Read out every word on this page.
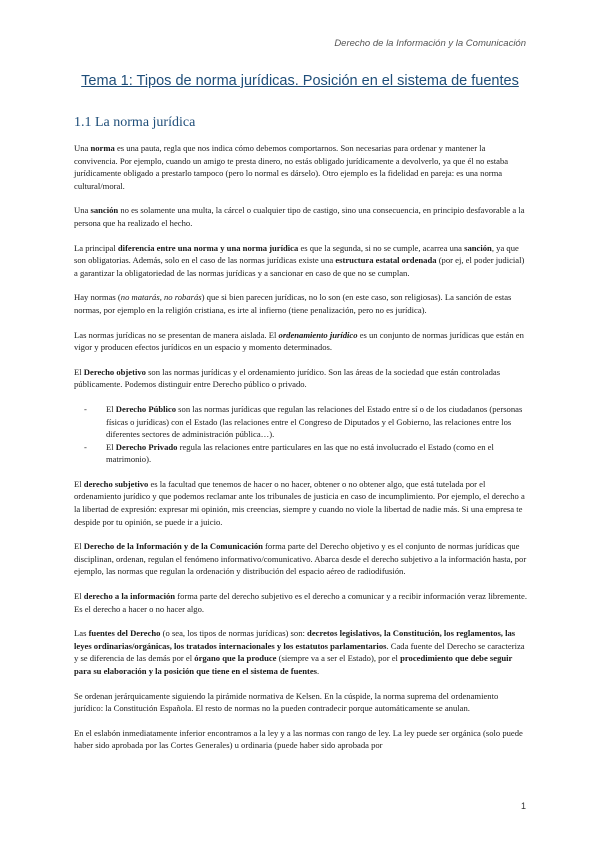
Derecho de la Información y la Comunicación
Tema 1: Tipos de norma jurídicas. Posición en el sistema de fuentes
1.1 La norma jurídica

Una norma es una pauta, regla que nos indica cómo debemos comportarnos. Son necesarias para ordenar y mantener la convivencia. Por ejemplo, cuando un amigo te presta dinero, no estás obligado jurídicamente a devolverlo, ya que él no estaba jurídicamente obligado a prestarlo tampoco (pero lo normal es dárselo). Otro ejemplo es la fidelidad en pareja: es una norma cultural/moral.

Una sanción no es solamente una multa, la cárcel o cualquier tipo de castigo, sino una consecuencia, en principio desfavorable a la persona que ha realizado el hecho.

La principal diferencia entre una norma y una norma jurídica es que la segunda, si no se cumple, acarrea una sanción, ya que son obligatorias. Además, solo en el caso de las normas jurídicas existe una estructura estatal ordenada (por ej, el poder judicial) a garantizar la obligatoriedad de las normas jurídicas y a sancionar en caso de que no se cumplan.

Hay normas (no matarás, no robarás) que si bien parecen jurídicas, no lo son (en este caso, son religiosas). La sanción de estas normas, por ejemplo en la religión cristiana, es irte al infierno (tiene penalización, pero no es jurídica).

Las normas jurídicas no se presentan de manera aislada. El ordenamiento jurídico es un conjunto de normas jurídicas que están en vigor y producen efectos jurídicos en un espacio y momento determinados.

El Derecho objetivo son las normas jurídicas y el ordenamiento jurídico. Son las áreas de la sociedad que están controladas públicamente. Podemos distinguir entre Derecho público o privado.

- El Derecho Público son las normas jurídicas que regulan las relaciones del Estado entre sí o de los ciudadanos (personas físicas o jurídicas) con el Estado (las relaciones entre el Congreso de Diputados y el Gobierno, las relaciones entre los diferentes sectores de administración pública…).
- El Derecho Privado regula las relaciones entre particulares en las que no está involucrado el Estado (como en el matrimonio).

El derecho subjetivo es la facultad que tenemos de hacer o no hacer, obtener o no obtener algo, que está tutelada por el ordenamiento jurídico y que podemos reclamar ante los tribunales de justicia en caso de incumplimiento. Por ejemplo, el derecho a la libertad de expresión: expresar mi opinión, mis creencias, siempre y cuando no viole la libertad de nadie más. Si una empresa te despide por tu opinión, se puede ir a juicio.

El Derecho de la Información y de la Comunicación forma parte del Derecho objetivo y es el conjunto de normas jurídicas que disciplinan, ordenan, regulan el fenómeno informativo/comunicativo. Abarca desde el derecho subjetivo a la información hasta, por ejemplo, las normas que regulan la ordenación y distribución del espacio aéreo de radiodifusión.

El derecho a la información forma parte del derecho subjetivo es el derecho a comunicar y a recibir información veraz libremente. Es el derecho a hacer o no hacer algo.

Las fuentes del Derecho (o sea, los tipos de normas jurídicas) son: decretos legislativos, la Constitución, los reglamentos, las leyes ordinarias/orgánicas, los tratados internacionales y los estatutos parlamentarios. Cada fuente del Derecho se caracteriza y se diferencia de las demás por el órgano que la produce (siempre va a ser el Estado), por el procedimiento que debe seguir para su elaboración y la posición que tiene en el sistema de fuentes.

Se ordenan jerárquicamente siguiendo la pirámide normativa de Kelsen. En la cúspide, la norma suprema del ordenamiento jurídico: la Constitución Española. El resto de normas no la pueden contradecir porque automáticamente se anulan.

En el eslabón inmediatamente inferior encontramos a la ley y a las normas con rango de ley. La ley puede ser orgánica (solo puede haber sido aprobada por las Cortes Generales) u ordinaria (puede haber sido aprobada por

1
